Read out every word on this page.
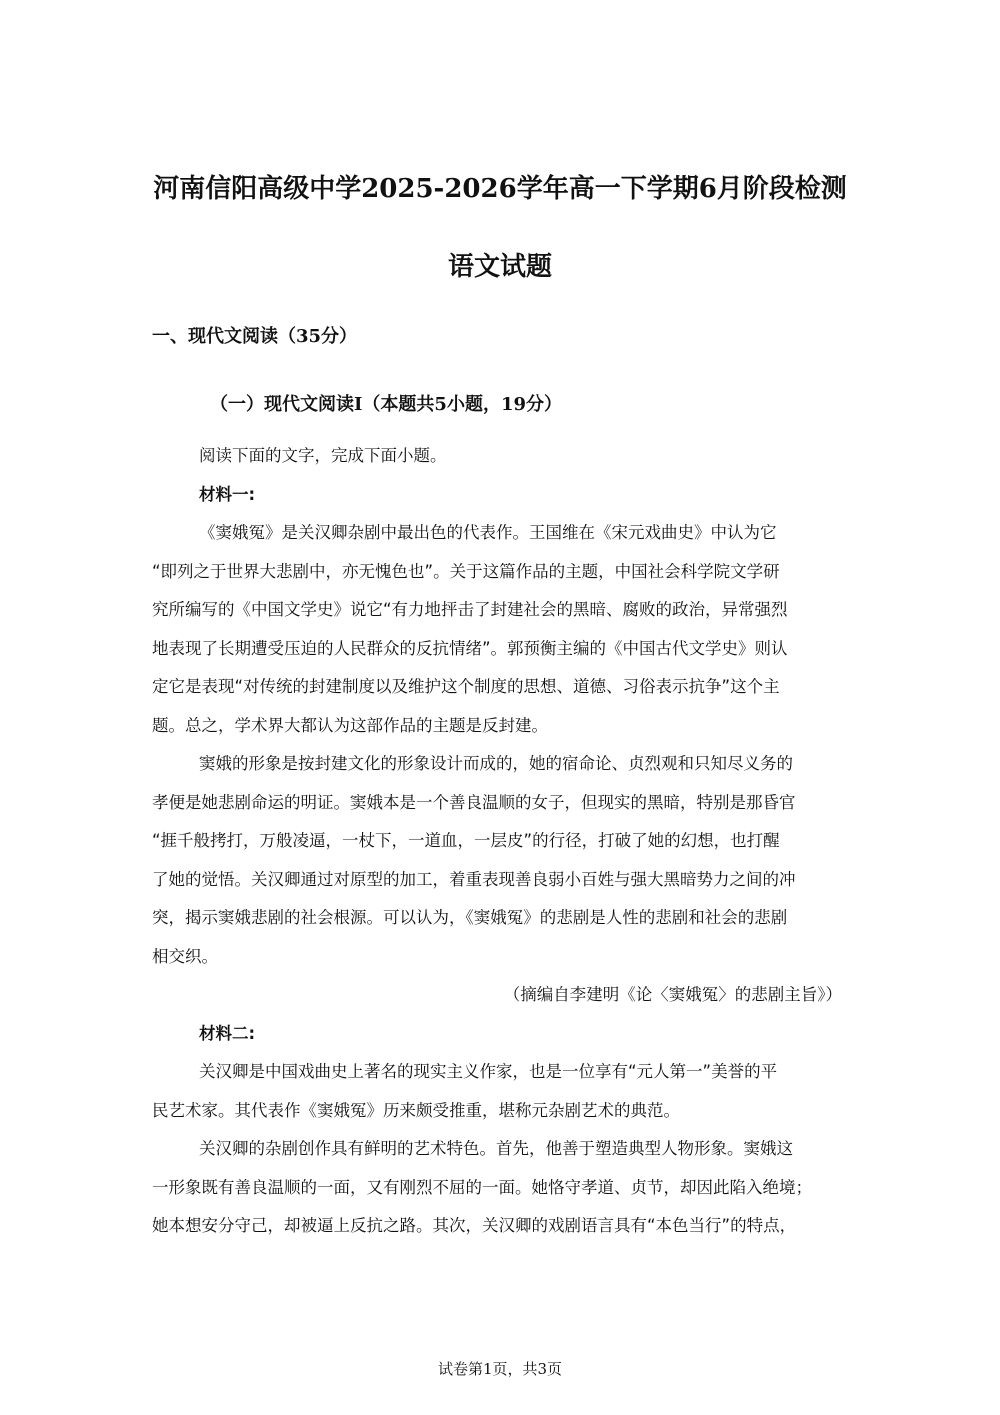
河南信阳高级中学2025-2026学年高一下学期6月阶段检测
语文试题
一、现代文阅读（35分）
（一）现代文阅读I（本题共5小题，19分）
阅读下面的文字，完成下面小题。
材料一:
《窦娥冤》是关汉卿杂剧中最出色的代表作。王国维在《宋元戏曲史》中认为它
“即列之于世界大悲剧中，亦无愧色也”。关于这篇作品的主题，中国社会科学院文学研
究所编写的《中国文学史》说它“有力地抨击了封建社会的黑暗、腐败的政治，异常强烈
地表现了长期遭受压迫的人民群众的反抗情绪”。郭预衡主编的《中国古代文学史》则认
定它是表现“对传统的封建制度以及维护这个制度的思想、道德、习俗表示抗争”这个主
题。总之，学术界大都认为这部作品的主题是反封建。
窦娥的形象是按封建文化的形象设计而成的，她的宿命论、贞烈观和只知尽义务的
孝便是她悲剧命运的明证。窦娥本是一个善良温顺的女子，但现实的黑暗，特别是那昏官
“捱千般拷打，万般凌逼，一杖下，一道血，一层皮”的行径，打破了她的幻想，也打醒
了她的觉悟。关汉卿通过对原型的加工，着重表现善良弱小百姓与强大黑暗势力之间的冲
突，揭示窦娥悲剧的社会根源。可以认为，《窦娥冤》的悲剧是人性的悲剧和社会的悲剧
相交织。
（摘编自李建明《论〈窦娥冤〉的悲剧主旨》）
材料二:
关汉卿是中国戏曲史上著名的现实主义作家，也是一位享有“元人第一”美誉的平
民艺术家。其代表作《窦娥冤》历来颇受推重，堪称元杂剧艺术的典范。
关汉卿的杂剧创作具有鲜明的艺术特色。首先，他善于塑造典型人物形象。窦娥这
一形象既有善良温顺的一面，又有刚烈不屈的一面。她恪守孝道、贞节，却因此陷入绝境；
她本想安分守己，却被逼上反抗之路。其次，关汉卿的戏剧语言具有“本色当行”的特点，
试卷第1页，共3页
